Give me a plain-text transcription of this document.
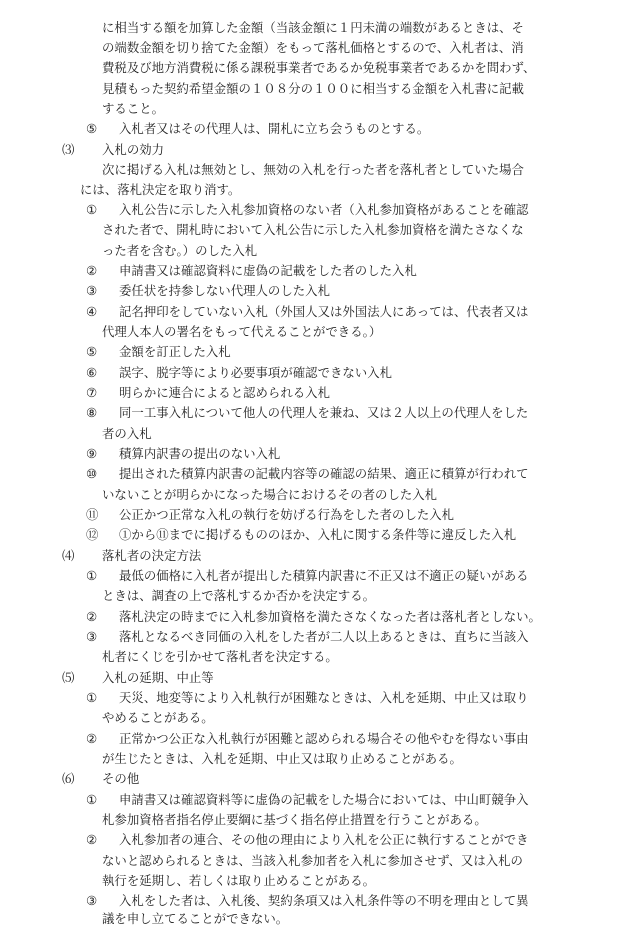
に相当する額を加算した金額（当該金額に１円未満の端数があるときは、そ
の端数金額を切り捨てた金額）をもって落札価格とするので、入札者は、消
費税及び地方消費税に係る課税事業者であるか免税事業者であるかを問わず、
見積もった契約希望金額の１０８分の１００に相当する金額を入札書に記載
すること。
⑤ 入札者又はその代理人は、開札に立ち会うものとする。
⑶ 入札の効力
次に掲げる入札は無効とし、無効の入札を行った者を落札者としていた場合
には、落札決定を取り消す。
① 入札公告に示した入札参加資格のない者（入札参加資格があることを確認
された者で、開札時において入札公告に示した入札参加資格を満たさなくな
った者を含む。）のした入札
② 申請書又は確認資料に虚偽の記載をした者のした入札
③ 委任状を持参しない代理人のした入札
④ 記名押印をしていない入札（外国人又は外国法人にあっては、代表者又は
代理人本人の署名をもって代えることができる。）
⑤ 金額を訂正した入札
⑥ 誤字、脱字等により必要事項が確認できない入札
⑦ 明らかに連合によると認められる入札
⑧ 同一工事入札について他人の代理人を兼ね、又は２人以上の代理人をした
者の入札
⑨ 積算内訳書の提出のない入札
⑩ 提出された積算内訳書の記載内容等の確認の結果、適正に積算が行われて
いないことが明らかになった場合におけるその者のした入札
⑪ 公正かつ正常な入札の執行を妨げる行為をした者のした入札
⑫ ①から⑪までに掲げるもののほか、入札に関する条件等に違反した入札
⑷ 落札者の決定方法
① 最低の価格に入札者が提出した積算内訳書に不正又は不適正の疑いがある
ときは、調査の上で落札するか否かを決定する。
② 落札決定の時までに入札参加資格を満たさなくなった者は落札者としない。
③ 落札となるべき同価の入札をした者が二人以上あるときは、直ちに当該入
札者にくじを引かせて落札者を決定する。
⑸ 入札の延期、中止等
① 天災、地変等により入札執行が困難なときは、入札を延期、中止又は取り
やめることがある。
② 正常かつ公正な入札執行が困難と認められる場合その他やむを得ない事由
が生じたときは、入札を延期、中止又は取り止めることがある。
⑹ その他
① 申請書又は確認資料等に虚偽の記載をした場合においては、中山町競争入
札参加資格者指名停止要綱に基づく指名停止措置を行うことがある。
② 入札参加者の連合、その他の理由により入札を公正に執行することができ
ないと認められるときは、当該入札参加者を入札に参加させず、又は入札の
執行を延期し、若しくは取り止めることがある。
③ 入札をした者は、入札後、契約条項又は入札条件等の不明を理由として異
議を申し立てることができない。
